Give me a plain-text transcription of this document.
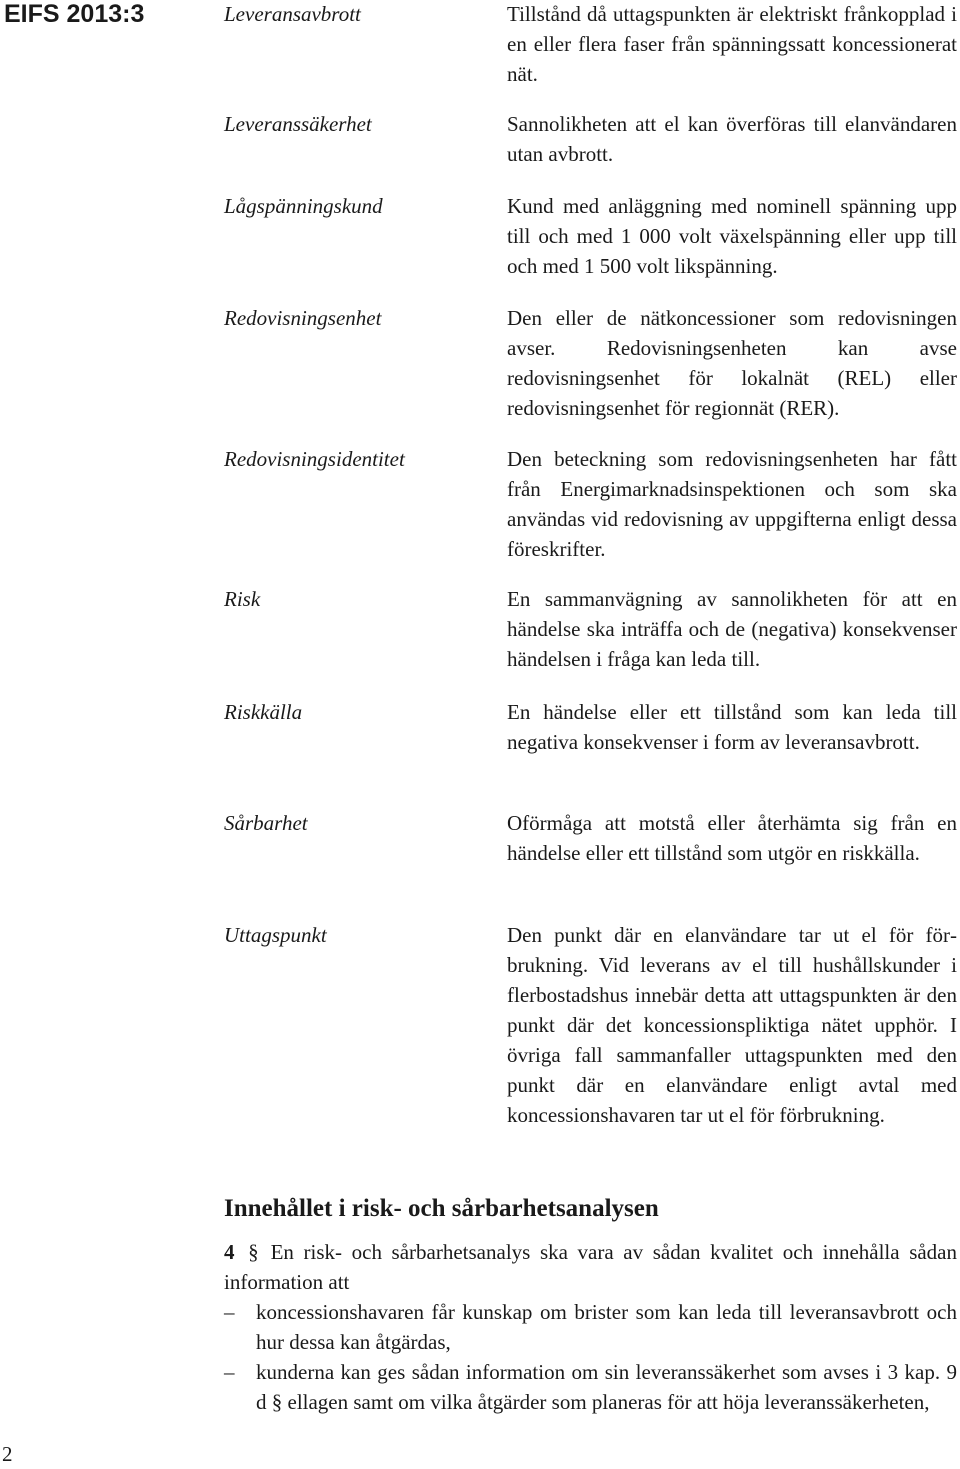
EIFS 2013:3	Leveransavbrott	Tillstånd då uttagspunkten är elektriskt frånkopplad i en eller flera faser från spänningssatt koncessionerat nät.
Leveranssäkerhet	Sannolikheten att el kan överföras till elanvändaren utan avbrott.
Lågspänningskund	Kund med anläggning med nominell spänning upp till och med 1 000 volt växelspänning eller upp till och med 1 500 volt likspänning.
Redovisningsenhet	Den eller de nätkoncessioner som redovisningen avser. Redovisningsenheten kan avse redovisningsenhet för lokalnät (REL) eller redovisningsenhet för regionnät (RER).
Redovisningsidentitet	Den beteckning som redovisningsenheten har fått från Energimarknadsinspektionen och som ska användas vid redovisning av uppgifterna enligt dessa föreskrifter.
Risk	En sammanvägning av sannolikheten för att en händelse ska inträffa och de (negativa) konsekvenser händelsen i fråga kan leda till.
Riskkälla	En händelse eller ett tillstånd som kan leda till negativa konsekvenser i form av leveransavbrott.
Sårbarhet	Oförmåga att motstå eller återhämta sig från en händelse eller ett tillstånd som utgör en riskkälla.
Uttagspunkt	Den punkt där en elanvändare tar ut el för förbrukning. Vid leverans av el till hushållskunder i flerbostadshus innebär detta att uttagspunkten är den punkt där det koncessionspliktiga nätet upphör. I övriga fall sammanfaller uttagspunkten med den punkt där en elanvändare enligt avtal med koncessionshavaren tar ut el för förbrukning.
Innehållet i risk- och sårbarhetsanalysen
4 § En risk- och sårbarhetsanalys ska vara av sådan kvalitet och innehålla sådan information att
–	koncessionshavaren får kunskap om brister som kan leda till leveransavbrott och hur dessa kan åtgärdas,
–	kunderna kan ges sådan information om sin leveranssäkerhet som avses i 3 kap. 9 d § ellagen samt om vilka åtgärder som planeras för att höja leveranssäkerheten,
2
